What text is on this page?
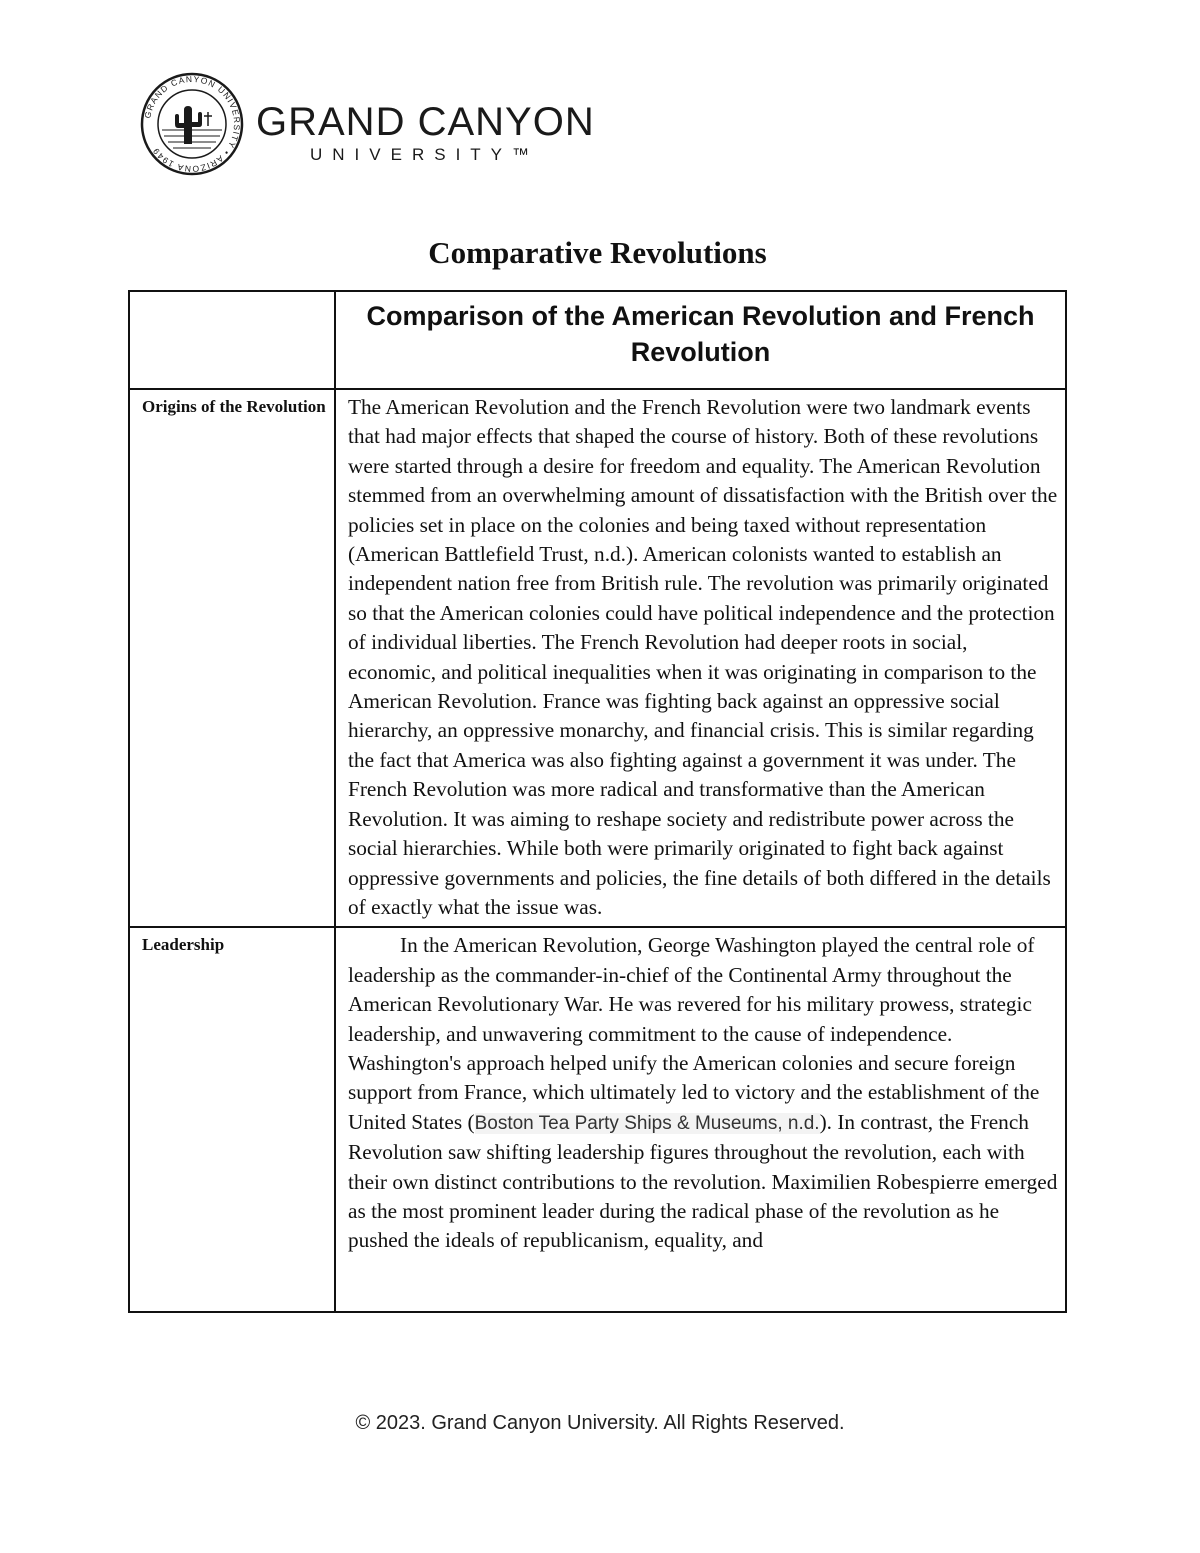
GRAND CANYON UNIVERSITY • ARIZONA 1949
GRAND CANYON
UNIVERSITY™
Comparative Revolutions
	Comparison of the American Revolution and French Revolution
Origins of the Revolution	The American Revolution and the French Revolution were two landmark events that had major effects that shaped the course of history. Both of these revolutions were started through a desire for freedom and equality. The American Revolution stemmed from an overwhelming amount of dissatisfaction with the British over the policies set in place on the colonies and being taxed without representation (American Battlefield Trust, n.d.). American colonists wanted to establish an independent nation free from British rule. The revolution was primarily originated so that the American colonies could have political independence and the protection of individual liberties. The French Revolution had deeper roots in social, economic, and political inequalities when it was originating in comparison to the American Revolution. France was fighting back against an oppressive social hierarchy, an oppressive monarchy, and financial crisis. This is similar regarding the fact that America was also fighting against a government it was under. The French Revolution was more radical and transformative than the American Revolution. It was aiming to reshape society and redistribute power across the social hierarchies. While both were primarily originated to fight back against oppressive governments and policies, the fine details of both differed in the details of exactly what the issue was.
Leadership	In the American Revolution, George Washington played the central role of leadership as the commander-in-chief of the Continental Army throughout the American Revolutionary War. He was revered for his military prowess, strategic leadership, and unwavering commitment to the cause of independence. Washington's approach helped unify the American colonies and secure foreign support from France, which ultimately led to victory and the establishment of the United States (Boston Tea Party Ships & Museums, n.d.). In contrast, the French Revolution saw shifting leadership figures throughout the revolution, each with their own distinct contributions to the revolution. Maximilien Robespierre emerged as the most prominent leader during the radical phase of the revolution as he pushed the ideals of republicanism, equality, and
© 2023. Grand Canyon University. All Rights Reserved.
